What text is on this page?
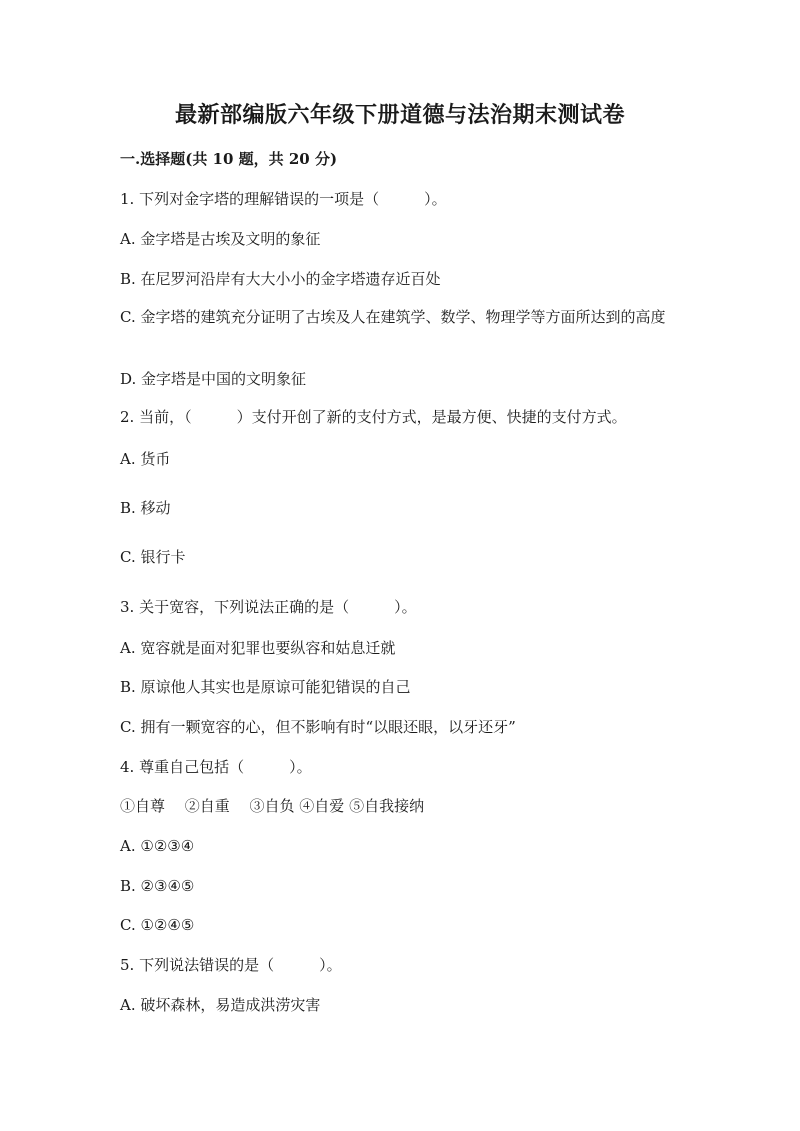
最新部编版六年级下册道德与法治期末测试卷

一.选择题(共 10 题，共 20 分)

1. 下列对金字塔的理解错误的一项是（　　　）。

A. 金字塔是古埃及文明的象征

B. 在尼罗河沿岸有大大小小的金字塔遗存近百处

C. 金字塔的建筑充分证明了古埃及人在建筑学、数学、物理学等方面所达到的高度

D. 金字塔是中国的文明象征

2. 当前，（　　　）支付开创了新的支付方式，是最方便、快捷的支付方式。

A. 货币

B. 移动

C. 银行卡

3. 关于宽容，下列说法正确的是（　　　）。

A. 宽容就是面对犯罪也要纵容和姑息迁就

B. 原谅他人其实也是原谅可能犯错误的自己

C. 拥有一颗宽容的心，但不影响有时“以眼还眼，以牙还牙”

4. 尊重自己包括（　　　）。

①自尊　 ②自重　 ③自负 ④自爱 ⑤自我接纳

A. ①②③④

B. ②③④⑤

C. ①②④⑤

5. 下列说法错误的是（　　　）。

A. 破坏森林，易造成洪涝灾害
